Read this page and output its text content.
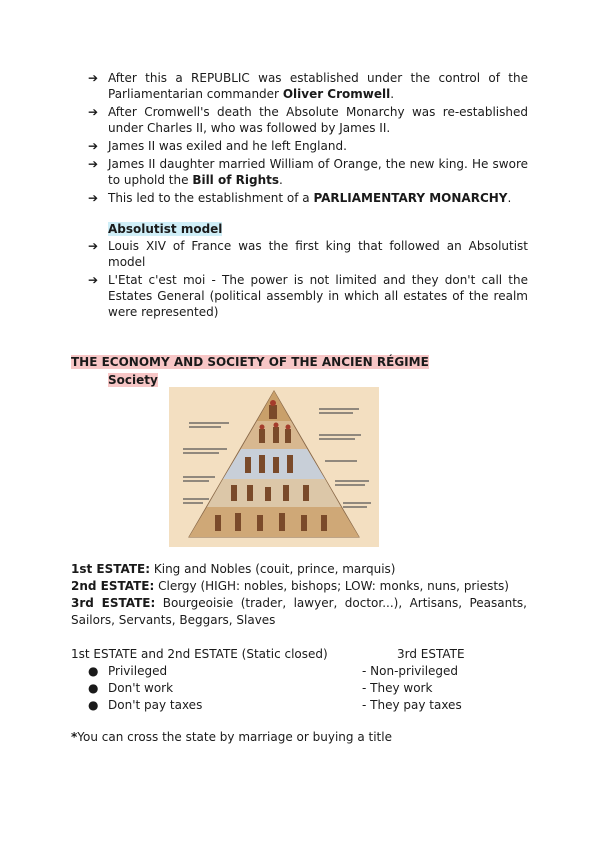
➔ After this a REPUBLIC was established under the control of the Parliamentarian commander Oliver Cromwell.
➔ After Cromwell's death the Absolute Monarchy was re-established under Charles II, who was followed by James II.
➔ James II was exiled and he left England.
➔ James II daughter married William of Orange, the new king. He swore to uphold the Bill of Rights.
➔ This led to the establishment of a PARLIAMENTARY MONARCHY.
Absolutist model
➔ Louis XIV of France was the first king that followed an Absolutist model
➔ L'Etat c'est moi - The power is not limited and they don't call the Estates General (political assembly in which all estates of the realm were represented)
THE ECONOMY AND SOCIETY OF THE ANCIEN RÉGIME
Society

1st ESTATE: King and Nobles (couit, prince, marquis)

2nd ESTATE: Clergy (HIGH: nobles, bishops; LOW: monks, nuns, priests)

3rd ESTATE: Bourgeoisie (trader, lawyer, doctor...), Artisans, Peasants, Sailors, Servants, Beggars, Slaves

1st ESTATE and 2nd ESTATE (Static closed)	3rd ESTATE
● Privileged
● Don't work
● Don't pay taxes
- Non-privileged
- They work
- They pay taxes
*You can cross the state by marriage or buying a title
